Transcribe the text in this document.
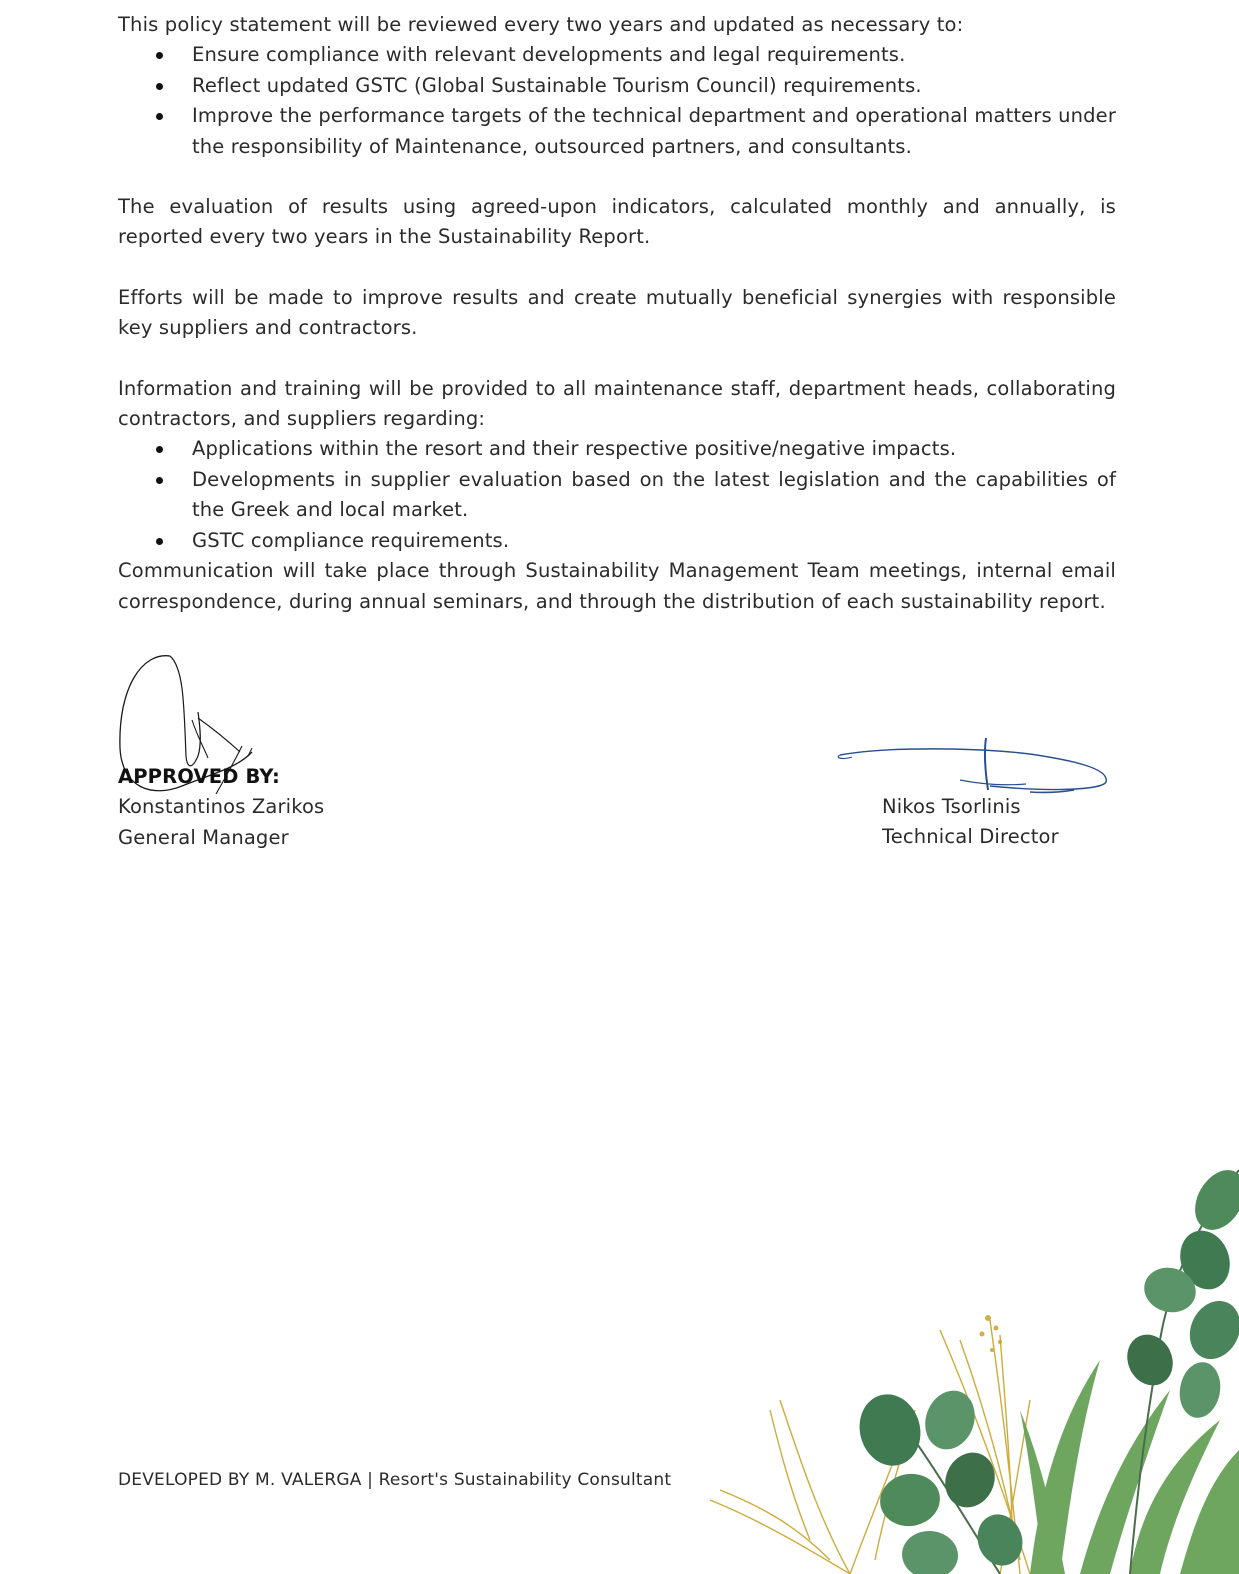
This policy statement will be reviewed every two years and updated as necessary to:

Ensure compliance with relevant developments and legal requirements.
Reflect updated GSTC (Global Sustainable Tourism Council) requirements.
Improve the performance targets of the technical department and operational matters under the responsibility of Maintenance, outsourced partners, and consultants.

The evaluation of results using agreed-upon indicators, calculated monthly and annually, is reported every two years in the Sustainability Report.

Efforts will be made to improve results and create mutually beneficial synergies with responsible key suppliers and contractors.

Information and training will be provided to all maintenance staff, department heads, collaborating contractors, and suppliers regarding:

Applications within the resort and their respective positive/negative impacts.
Developments in supplier evaluation based on the latest legislation and the capabilities of the Greek and local market.
GSTC compliance requirements.

Communication will take place through Sustainability Management Team meetings, internal email correspondence, during annual seminars, and through the distribution of each sustainability report.

APPROVED BY:
Konstantinos Zarikos
General Manager
Nikos Tsorlinis
Technical Director
DEVELOPED BY M. VALERGA | Resort's Sustainability Consultant
